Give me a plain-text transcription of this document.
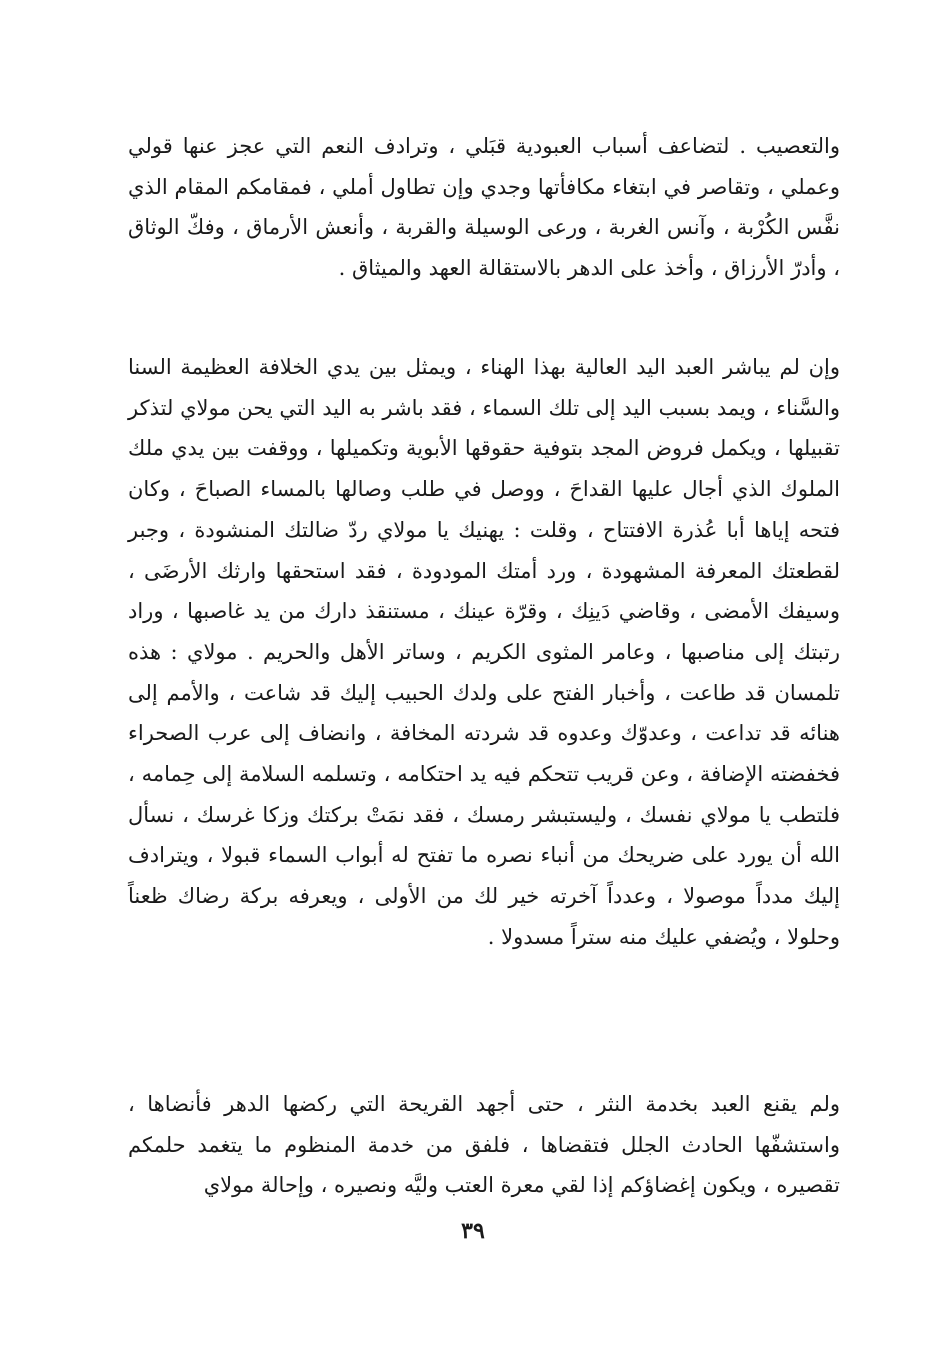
والتعصيب . لتضاعف أسباب العبودية قبَلي ، وترادف النعم التي عجز عنها قولي وعملي ، وتقاصر في ابتغاء مكافأتها وجدي وإن تطاول أملي ، فمقامكم المقام الذي نفَّس الكُرْبة ، وآنس الغربة ، ورعى الوسيلة والقربة ، وأنعش الأرماق ، وفكّ الوثاق ، وأدرّ الأرزاق ، وأخذ على الدهر بالاستقالة العهد والميثاق .

وإن لم يباشر العبد اليد العالية بهذا الهناء ، ويمثل بين يدي الخلافة العظيمة السنا والسَّناء ، ويمد بسبب اليد إلى تلك السماء ، فقد باشر به اليد التي يحن مولاي لتذكر تقبيلها ، ويكمل فروض المجد بتوفية حقوقها الأبوية وتكميلها ، ووقفت بين يدي ملك الملوك الذي أجال عليها القداحَ ، ووصل في طلب وصالها بالمساء الصباحَ ، وكان فتحه إياها أبا عُذرة الافتتاح ، وقلت : يهنيك يا مولاي ردّ ضالتك المنشودة ، وجبر لقطعتك المعرفة المشهودة ، ورد أمتك المودودة ، فقد استحقها وارثك الأرضَى ، وسيفك الأمضى ، وقاضي دَينِك ، وقرّة عينك ، مستنقذ دارك من يد غاصبها ، وراد رتبتك إلى مناصبها ، وعامر المثوى الكريم ، وساتر الأهل والحريم . مولاي : هذه تلمسان قد طاعت ، وأخبار الفتح على ولدك الحبيب إليك قد شاعت ، والأمم إلى هنائه قد تداعت ، وعدوّك وعدوه قد شردته المخافة ، وانضاف إلى عرب الصحراء فخفضته الإضافة ، وعن قريب تتحكم فيه يد احتكامه ، وتسلمه السلامة إلى حِمامه ، فلتطب يا مولاي نفسك ، وليستبشر رمسك ، فقد نمَتْ بركتك وزكا غرسك ، نسأل الله أن يورد على ضريحك من أنباء نصره ما تفتح له أبواب السماء قبولا ، ويترادف إليك مدداً موصولا ، وعدداً آخرته خير لك من الأولى ، ويعرفه بركة رضاك ظعناً وحلولا ، ويُضفي عليك منه ستراً مسدولا .

ولم يقنع العبد بخدمة النثر ، حتى أجهد القريحة التي ركضها الدهر فأنضاها ، واستشفّها الحادث الجلل فتقضاها ، فلفق من خدمة المنظوم ما يتغمد حلمكم تقصيره ، ويكون إغضاؤكم إذا لقي معرة العتب وليَّه ونصيره ، وإحالة مولاي

٣٩
